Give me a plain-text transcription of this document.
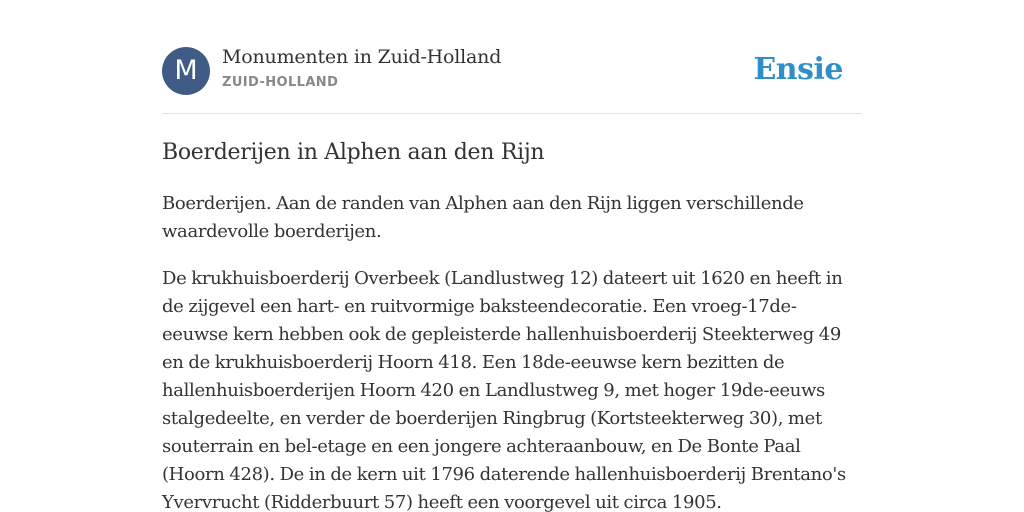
M	Monumenten in Zuid-Holland
ZUID-HOLLAND	Ensie
Boerderijen in Alphen aan den Rijn

Boerderijen. Aan de randen van Alphen aan den Rijn liggen verschillende waardevolle boerderijen.

De krukhuisboerderij Overbeek (Landlustweg 12) dateert uit 1620 en heeft in de zijgevel een hart- en ruitvormige baksteendecoratie. Een vroeg-17de-eeuwse kern hebben ook de gepleisterde hallenhuisboerderij Steekterweg 49 en de krukhuisboerderij Hoorn 418. Een 18de-eeuwse kern bezitten de hallenhuisboerderijen Hoorn 420 en Landlustweg 9, met hoger 19de-eeuws stalgedeelte, en verder de boerderijen Ringbrug (Kortsteekterweg 30), met souterrain en bel-etage en een jongere achteraanbouw, en De Bonte Paal (Hoorn 428). De in de kern uit 1796 daterende hallenhuisboerderij Brentano's Yvervrucht (Ridderbuurt 57) heeft een voorgevel uit circa 1905.
